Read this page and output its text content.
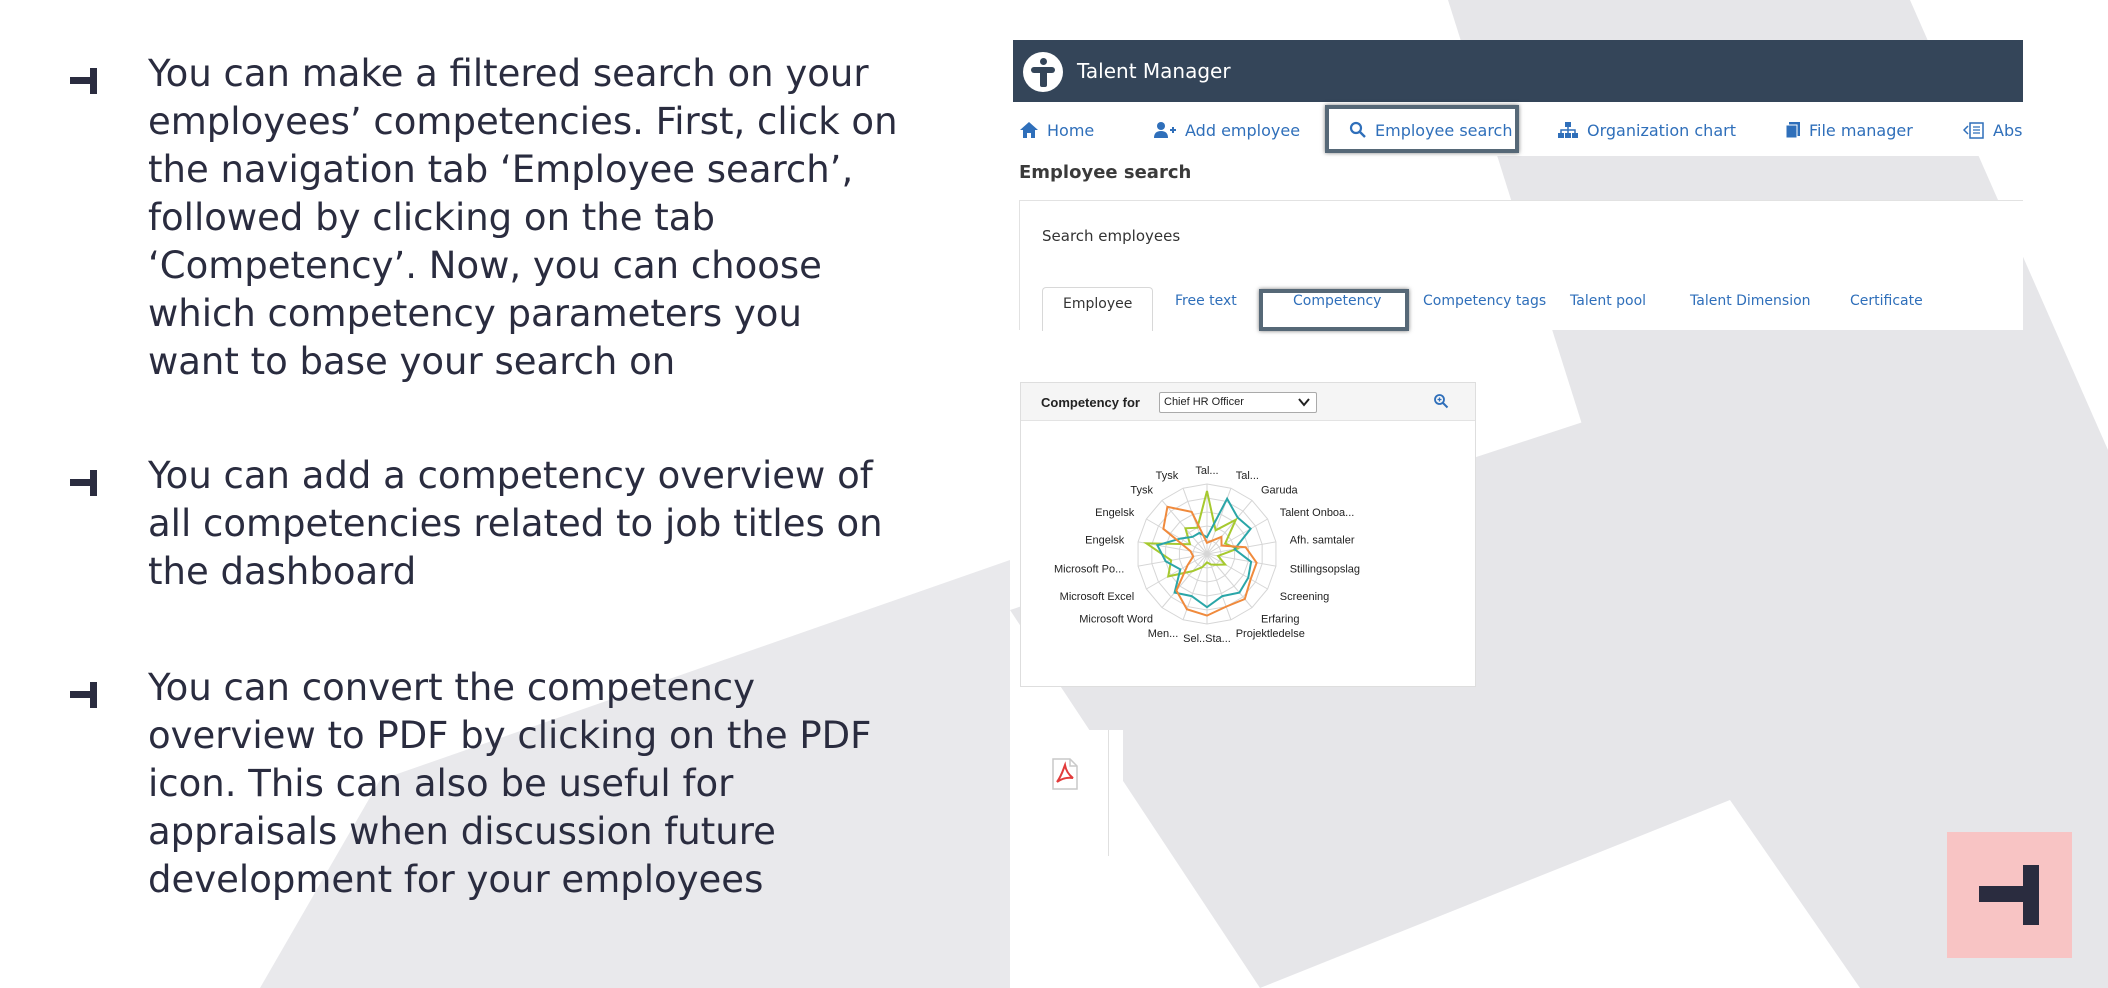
You can make a filtered search on your
employees’ competencies. First, click on
the navigation tab ‘Employee search’,
followed by clicking on the tab
‘Competency’. Now, you can choose
which competency parameters you
want to base your search on
You can add a competency overview of
all competencies related to job titles on
the dashboard
You can convert the competency
overview to PDF by clicking on the PDF
icon. This can also be useful for
appraisals when discussion future
development for your employees
Talent Manager
Home	Add employee	Employee search	Organization chart	File manager	Abs
Employee search
Search employees
Employee	Free text	Competency	Competency tags Talent pool	Talent Dimension	Certificate
Competency for	Chief HR Officer
Tal... Tal...
Garuda
Talent Onboa...
Afh. samtaler
Stillingsopslag
Screening
Erfaring
Projektledelse
Sel..Sta...
Men...
Microsoft Word
Microsoft Excel
Microsoft Po...
Engelsk
Engelsk
Tysk
Tysk
